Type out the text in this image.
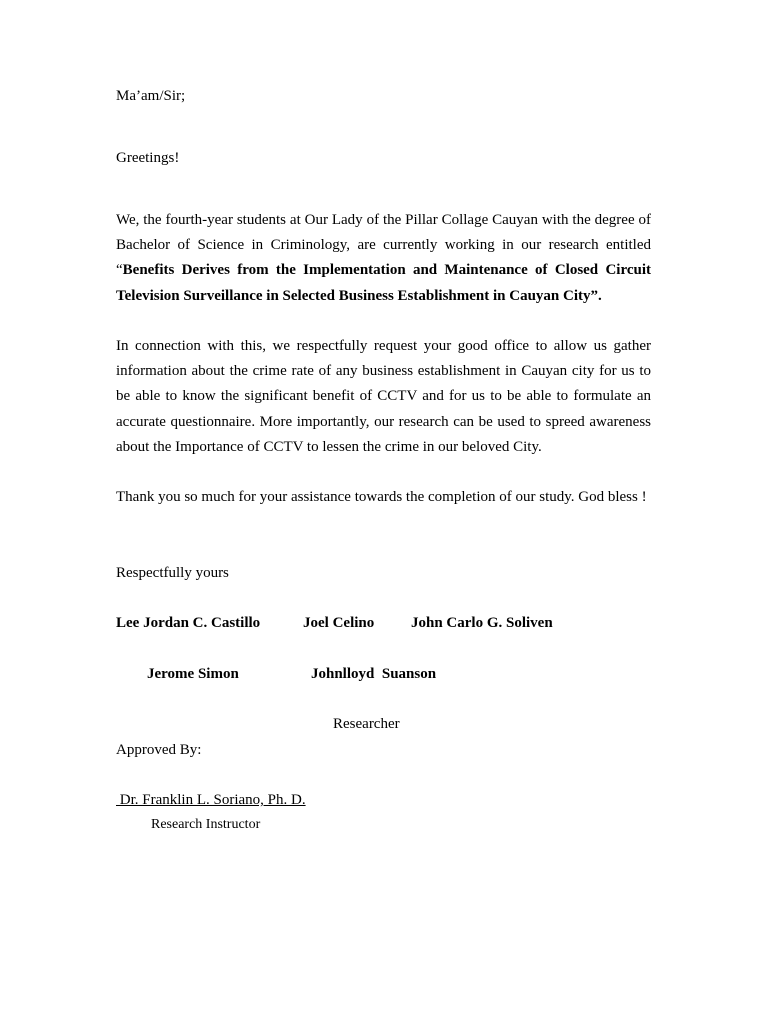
Ma’am/Sir;
Greetings!
We, the fourth-year students at Our Lady of the Pillar Collage Cauyan with the degree of Bachelor of Science in Criminology, are currently working in our research entitled “Benefits Derives from the Implementation and Maintenance of Closed Circuit Television Surveillance in Selected Business Establishment in Cauyan City”.
In connection with this, we respectfully request your good office to allow us gather information about the crime rate of any business establishment in Cauyan city for us to be able to know the significant benefit of CCTV and for us to be able to formulate an accurate questionnaire. More importantly, our research can be used to spreed awareness about the Importance of CCTV to lessen the crime in our beloved City.
Thank you so much for your assistance towards the completion of our study. God bless !
Respectfully yours
Lee Jordan C. Castillo	Joel Celino John Carlo G. Soliven
Jerome Simon	Johnlloyd  Suanson
Researcher
Approved By:
Dr. Franklin L. Soriano, Ph. D.
Research Instructor
